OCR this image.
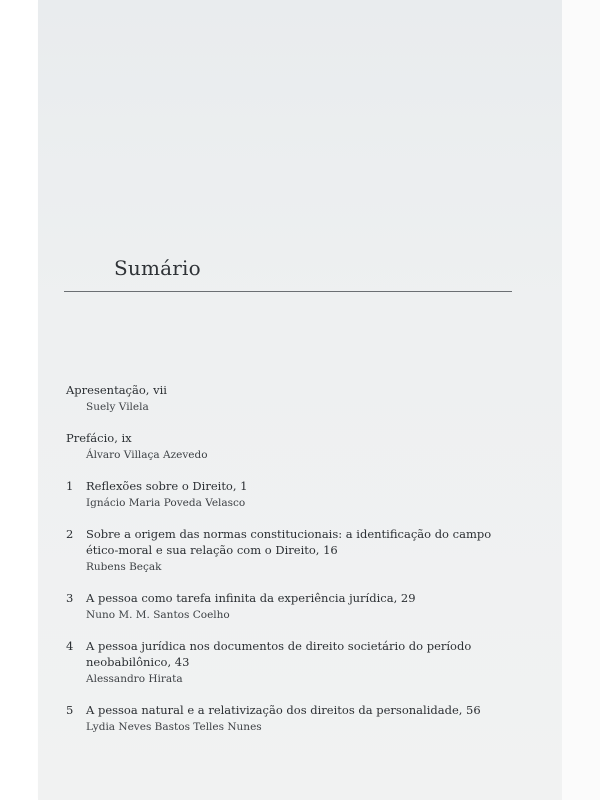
Sumário
Apresentação, vii
Suely Vilela
Prefácio, ix
Álvaro Villaça Azevedo
1	Reflexões sobre o Direito, 1
Ignácio Maria Poveda Velasco
2	Sobre a origem das normas constitucionais: a identificação do campo ético-moral e sua relação com o Direito, 16
Rubens Beçak
3	A pessoa como tarefa infinita da experiência jurídica, 29
Nuno M. M. Santos Coelho
4	A pessoa jurídica nos documentos de direito societário do período neobabilônico, 43
Alessandro Hirata
5	A pessoa natural e a relativização dos direitos da personalidade, 56
Lydia Neves Bastos Telles Nunes
